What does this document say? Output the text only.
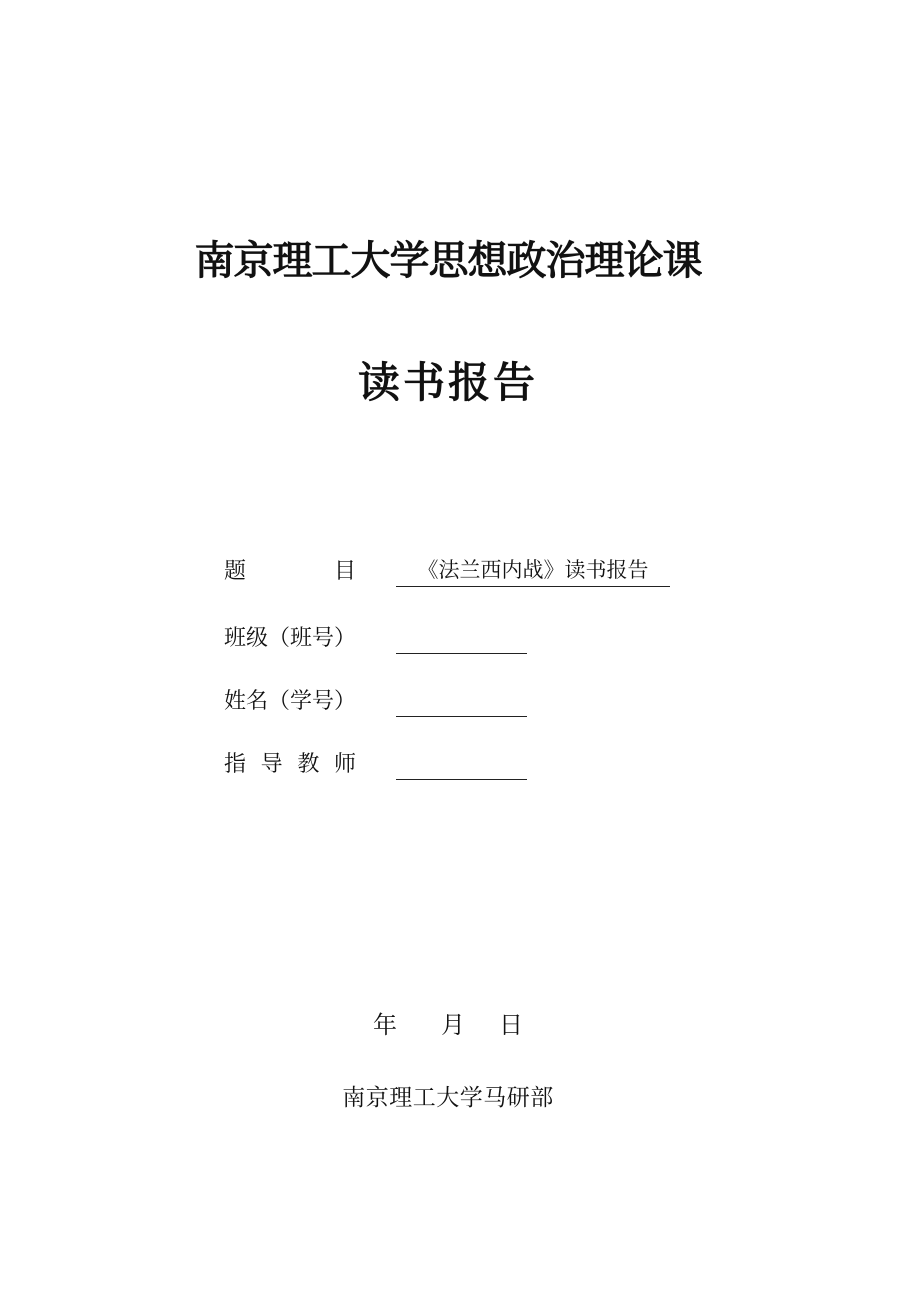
南京理工大学思想政治理论课
读书报告
题目	《法兰西内战》读书报告
班级（班号）
姓名（学号）
指导教师
年 月 日
南京理工大学马研部
